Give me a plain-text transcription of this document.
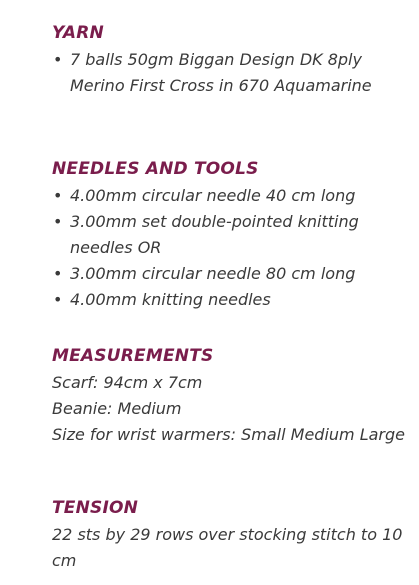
YARN
• 7 balls 50gm Biggan Design DK 8ply Merino First Cross in 670 Aquamarine
NEEDLES AND TOOLS
• 4.00mm circular needle 40 cm long
• 3.00mm set double-pointed knitting needles OR
• 3.00mm circular needle 80 cm long
• 4.00mm knitting needles
MEASUREMENTS

Scarf: 94cm x 7cm

Beanie: Medium

Size for wrist warmers: Small Medium Large

TENSION

22 sts by 29 rows over stocking stitch to 10 cm
